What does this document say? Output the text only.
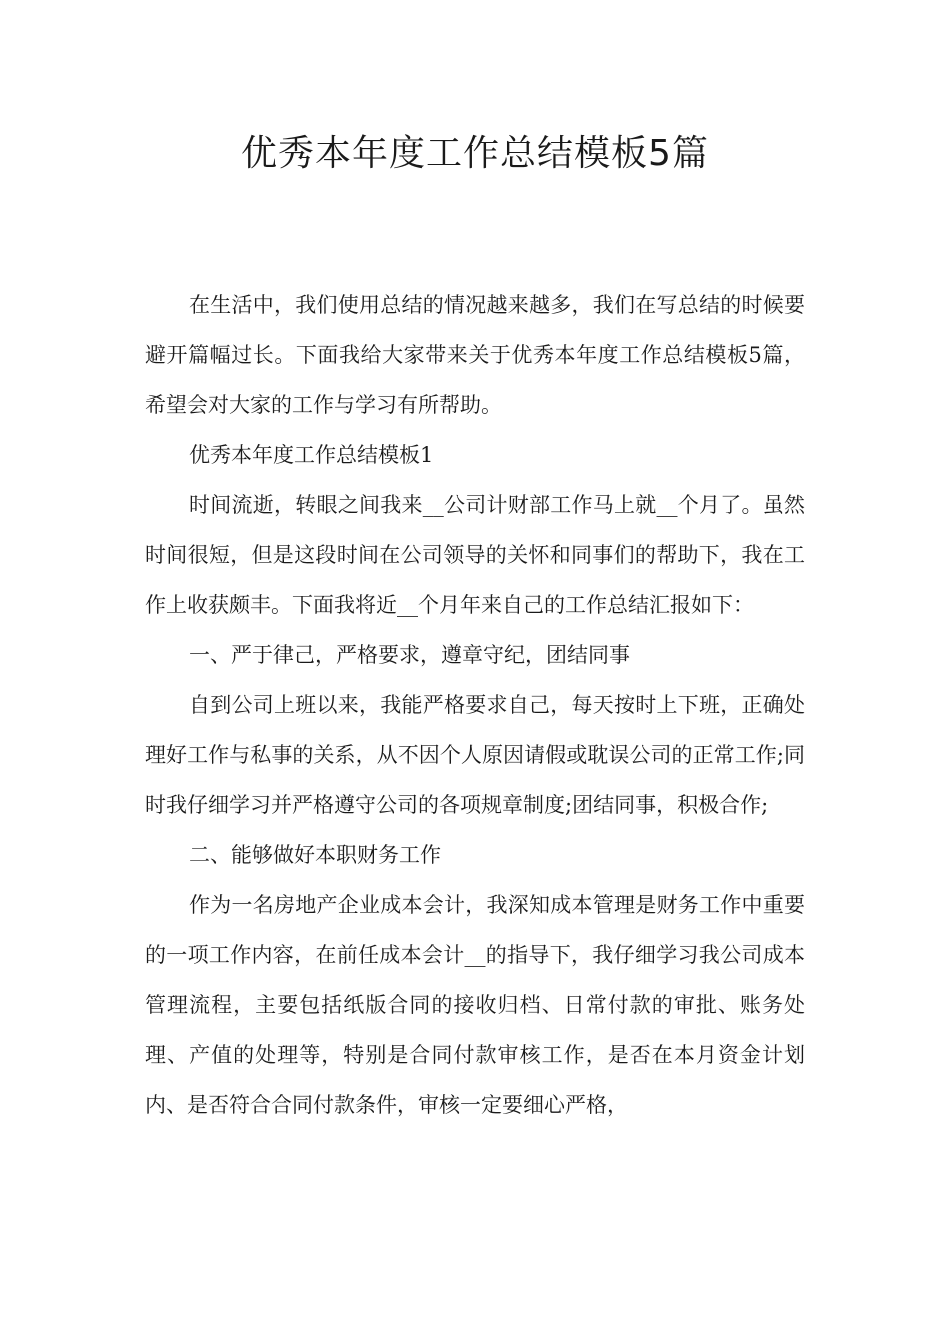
优秀本年度工作总结模板5篇

在生活中，我们使用总结的情况越来越多，我们在写总结的时候要避开篇幅过长。下面我给大家带来关于优秀本年度工作总结模板5篇，希望会对大家的工作与学习有所帮助。

优秀本年度工作总结模板1

时间流逝，转眼之间我来__公司计财部工作马上就__个月了。虽然时间很短，但是这段时间在公司领导的关怀和同事们的帮助下，我在工作上收获颇丰。下面我将近__个月年来自己的工作总结汇报如下：

一、严于律己，严格要求，遵章守纪，团结同事

自到公司上班以来，我能严格要求自己，每天按时上下班，正确处理好工作与私事的关系，从不因个人原因请假或耽误公司的正常工作;同时我仔细学习并严格遵守公司的各项规章制度;团结同事，积极合作;

二、能够做好本职财务工作

作为一名房地产企业成本会计，我深知成本管理是财务工作中重要的一项工作内容，在前任成本会计__的指导下，我仔细学习我公司成本管理流程，主要包括纸版合同的接收归档、日常付款的审批、账务处理、产值的处理等，特别是合同付款审核工作，是否在本月资金计划内、是否符合合同付款条件，审核一定要细心严格，
